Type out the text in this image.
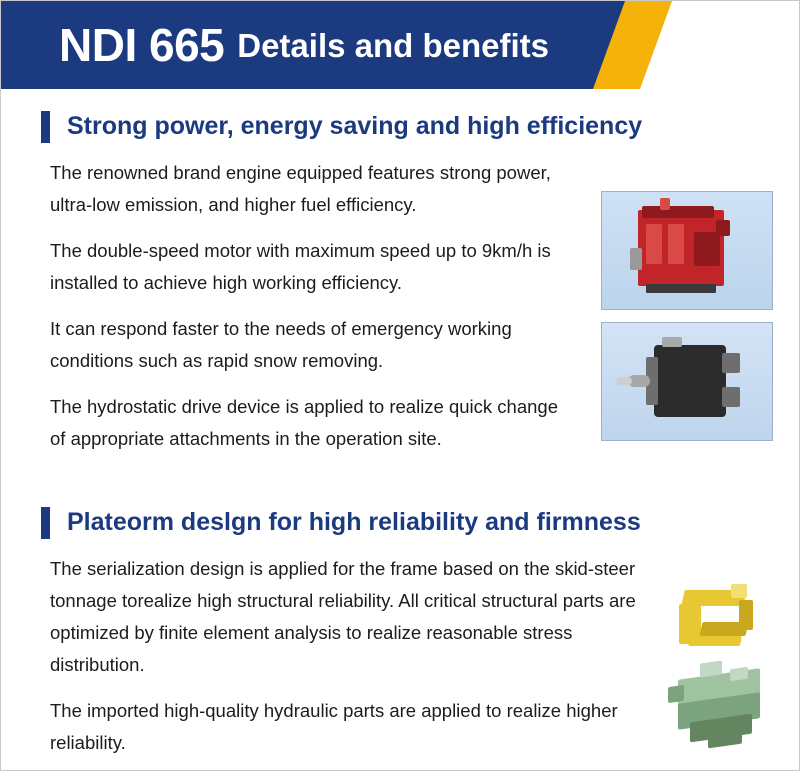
NDI 665 Details and benefits
Strong power, energy saving and high efficiency

The renowned brand engine equipped features strong power, ultra-low emission, and higher fuel efficiency.

The double-speed motor with maximum speed up to 9km/h is installed to achieve high working efficiency.

It can respond faster to the needs of emergency working conditions such as rapid snow removing.

The hydrostatic drive device is applied to realize quick change of appropriate attachments in the operation site.

Plateorm deslgn for high reliability and firmness

The serialization design is applied for the frame based on the skid-steer tonnage torealize high structural reliability. All critical structural parts are optimized by finite element analysis to realize reasonable stress distribution.

The imported high-quality hydraulic parts are applied to realize higher reliability.
